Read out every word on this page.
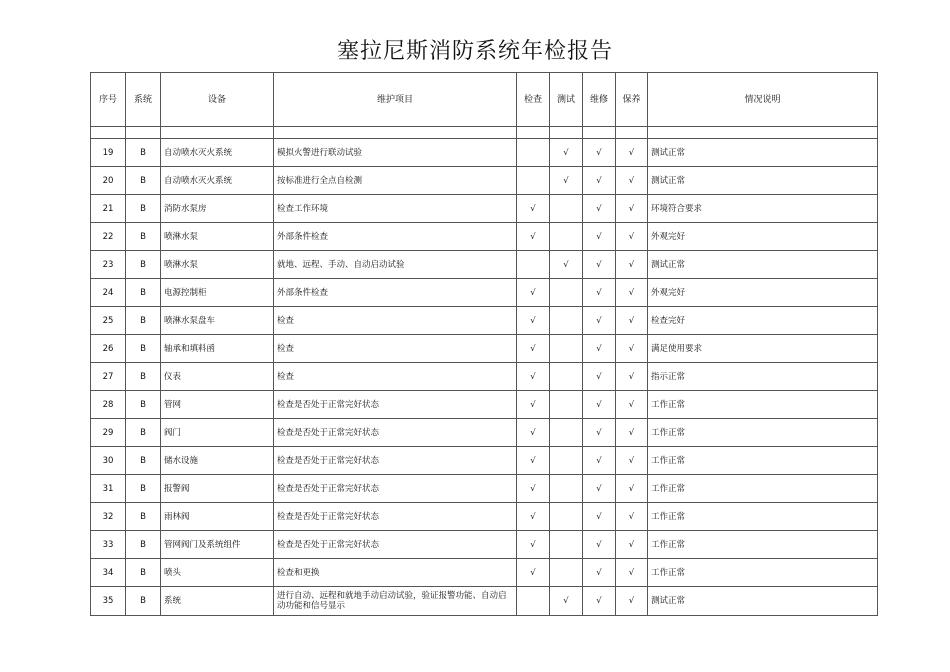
塞拉尼斯消防系统年检报告
序号	系统	设备	维护项目	检查	测试	维修	保养	情况说明

19	B	自动喷水灭火系统	模拟火警进行联动试验		√	√	√	测试正常
20	B	自动喷水灭火系统	按标准进行全点自检测		√	√	√	测试正常
21	B	消防水泵房	检查工作环境	√		√	√	环境符合要求
22	B	喷淋水泵	外部条件检查	√		√	√	外观完好
23	B	喷淋水泵	就地、远程、手动、自动启动试验		√	√	√	测试正常
24	B	电源控制柜	外部条件检查	√		√	√	外观完好
25	B	喷淋水泵盘车	检查	√		√	√	检查完好
26	B	轴承和填料函	检查	√		√	√	满足使用要求
27	B	仪表	检查	√		√	√	指示正常
28	B	管网	检查是否处于正常完好状态	√		√	√	工作正常
29	B	阀门	检查是否处于正常完好状态	√		√	√	工作正常
30	B	储水设施	检查是否处于正常完好状态	√		√	√	工作正常
31	B	报警阀	检查是否处于正常完好状态	√		√	√	工作正常
32	B	雨林阀	检查是否处于正常完好状态	√		√	√	工作正常
33	B	管网阀门及系统组件	检查是否处于正常完好状态	√		√	√	工作正常
34	B	喷头	检查和更换	√		√	√	工作正常
35	B	系统	进行自动、远程和就地手动启动试验，验证报警功能、自动启动功能和信号显示		√	√	√	测试正常
